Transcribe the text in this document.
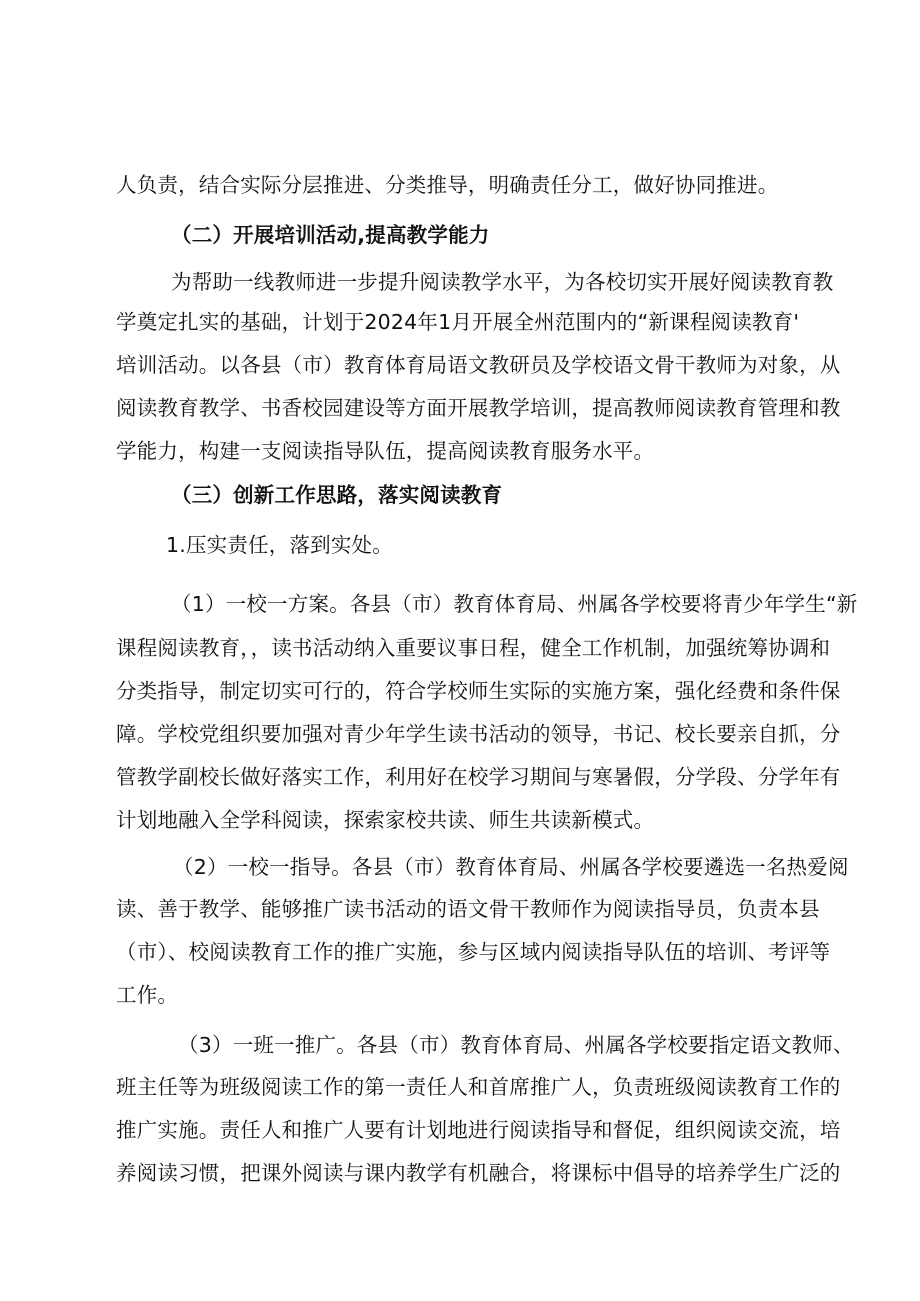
人负责，结合实际分层推进、分类推导，明确责任分工，做好协同推进。
（二）开展培训活动,提高教学能力
为帮助一线教师进一步提升阅读教学水平，为各校切实开展好阅读教育教
学奠定扎实的基础，计划于2024年1月开展全州范围内的“新课程阅读教育'
培训活动。以各县（市）教育体育局语文教研员及学校语文骨干教师为对象，从
阅读教育教学、书香校园建设等方面开展教学培训，提高教师阅读教育管理和教
学能力，构建一支阅读指导队伍，提高阅读教育服务水平。
（三）创新工作思路，落实阅读教育
1.压实责任，落到实处。
（1）一校一方案。各县（市）教育体育局、州属各学校要将青少年学生“新
课程阅读教育，，读书活动纳入重要议事日程，健全工作机制，加强统筹协调和
分类指导，制定切实可行的，符合学校师生实际的实施方案，强化经费和条件保
障。学校党组织要加强对青少年学生读书活动的领导，书记、校长要亲自抓，分
管教学副校长做好落实工作，利用好在校学习期间与寒暑假，分学段、分学年有
计划地融入全学科阅读，探索家校共读、师生共读新模式。
（2）一校一指导。各县（市）教育体育局、州属各学校要遴选一名热爱阅
读、善于教学、能够推广读书活动的语文骨干教师作为阅读指导员，负责本县
（市）、校阅读教育工作的推广实施，参与区域内阅读指导队伍的培训、考评等
工作。
（3）一班一推广。各县（市）教育体育局、州属各学校要指定语文教师、
班主任等为班级阅读工作的第一责任人和首席推广人，负责班级阅读教育工作的
推广实施。责任人和推广人要有计划地进行阅读指导和督促，组织阅读交流，培
养阅读习惯，把课外阅读与课内教学有机融合，将课标中倡导的培养学生广泛的
